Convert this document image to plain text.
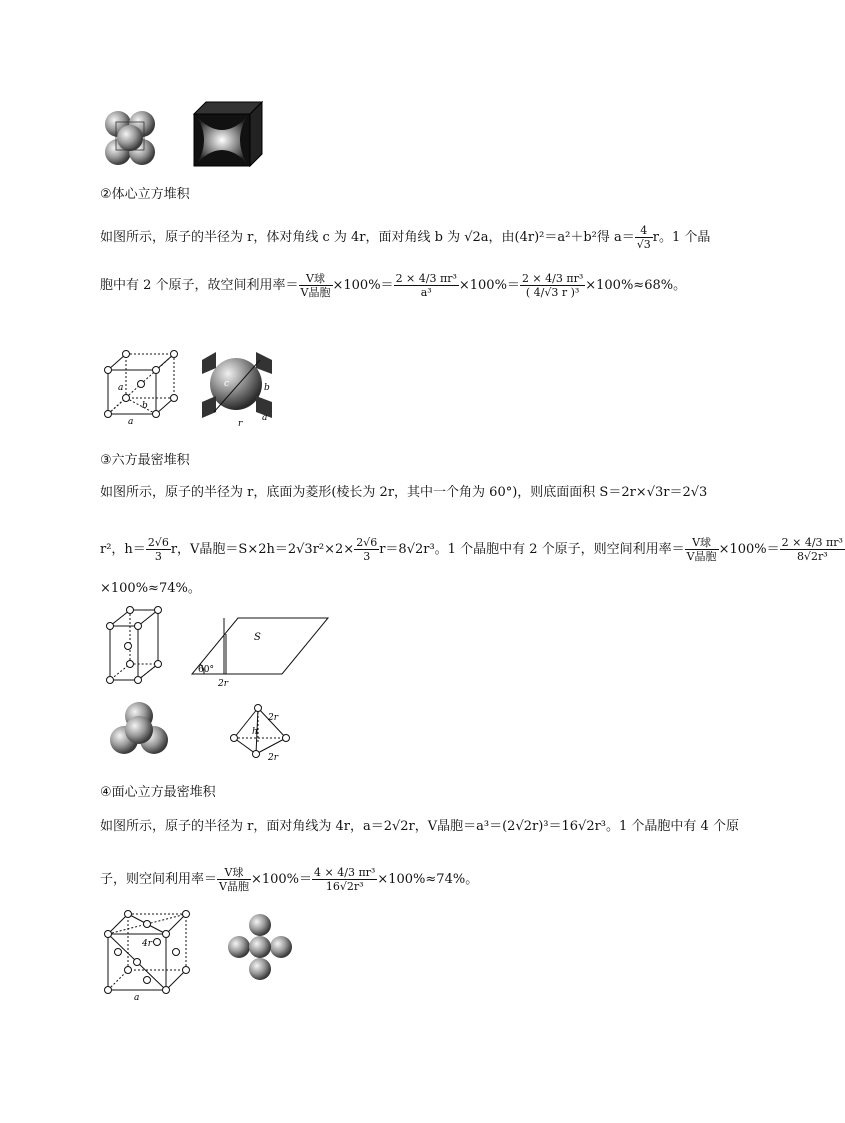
②体心立方堆积
如图所示，原子的半径为 r，体对角线 c 为 4r，面对角线 b 为 √2a，由(4r)²＝a²＋b²得 $a= \frac{4}{√3}$ r。1 个晶
胞中有 2 个原子，故空间利用率＝ $\frac{\text{V球}}{\text{V晶胞}} \times 100\%= \frac{\text{2 × 4/3 πr³}}{\text{a³}} \times 100\%= \frac{\text{2 × 4/3 πr³}}{\text{( 4/√3 r )³}} \times 100\%\approx 68\%$。
a
b
a
c	b
a
r
③六方最密堆积
如图所示，原子的半径为 r，底面为菱形(棱长为 2r，其中一个角为 60°)，则底面面积 S＝2r×√3r＝2√3
r²，$h= \frac{2√6}{3}$ r，V晶胞$=S\times 2h=2√3r^2\times 2\times \frac{2√6}{3} r=8√2r^3$。1 个晶胞中有 2 个原子，则空间利用率＝ $\frac{\text{V球}}{\text{V晶胞}} \times 100\%= \frac{\text{2 × 4/3 πr³}}{\text{8√2r³}}$
×100%≈74%。
S
60°
2r
2r
h
2r
④面心立方最密堆积
如图所示，原子的半径为 r，面对角线为 4r，a＝2√2r，V晶胞＝a³＝(2√2r)³＝16√2r³。1 个晶胞中有 4 个原
子，则空间利用率＝ $\frac{\text{V球}}{\text{V晶胞}} \times 100\%= \frac{\text{4 × 4/3 πr³}}{\text{16√2r³}} \times 100\%\approx 74\%$。
4r
a
